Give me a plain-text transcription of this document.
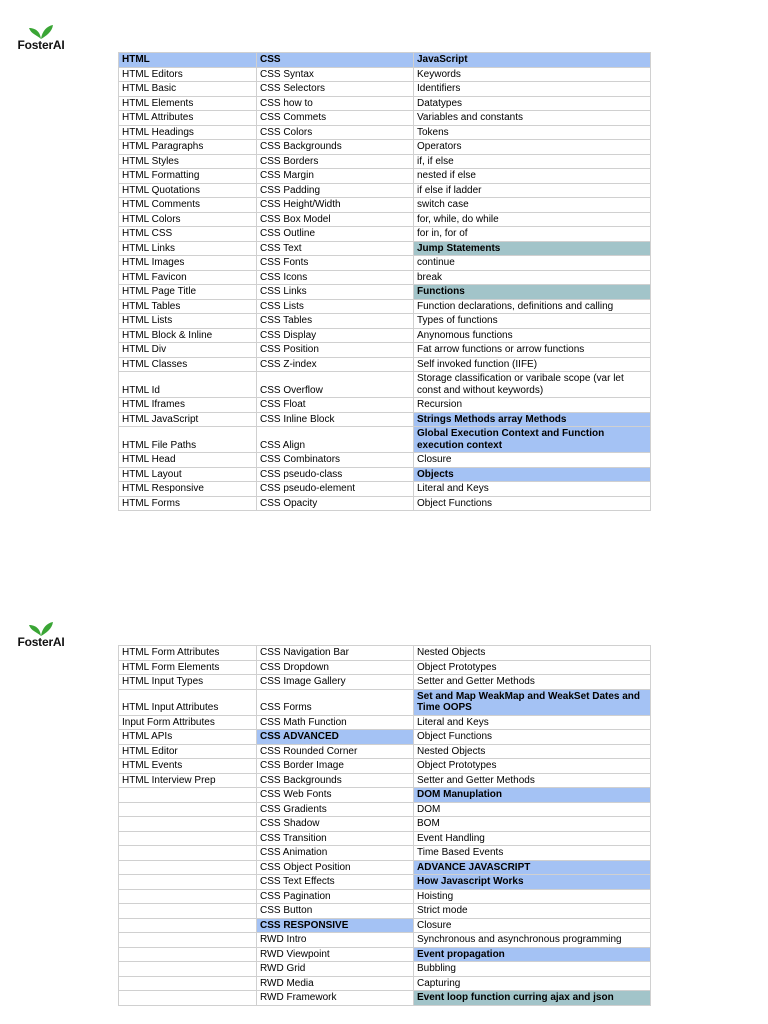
FosterAI
HTML	CSS	JavaScript
HTML Editors	CSS Syntax	Keywords
HTML Basic	CSS Selectors	Identifiers
HTML Elements	CSS how to	Datatypes
HTML Attributes	CSS Commets	Variables and constants
HTML Headings	CSS Colors	Tokens
HTML Paragraphs	CSS Backgrounds	Operators
HTML Styles	CSS Borders	if, if else
HTML Formatting	CSS Margin	nested if else
HTML Quotations	CSS Padding	if else if ladder
HTML Comments	CSS Height/Width	switch case
HTML Colors	CSS Box Model	for, while, do while
HTML CSS	CSS Outline	for in, for of
HTML Links	CSS Text	Jump Statements
HTML Images	CSS Fonts	continue
HTML Favicon	CSS Icons	break
HTML Page Title	CSS Links	Functions
HTML Tables	CSS Lists	Function declarations, definitions and calling
HTML Lists	CSS Tables	Types of functions
HTML Block & Inline	CSS Display	Anynomous functions
HTML Div	CSS Position	Fat arrow functions or arrow functions
HTML Classes	CSS Z-index	Self invoked function (IIFE)
HTML Id	CSS Overflow	Storage classification or varibale scope (var let const and without keywords)
HTML Iframes	CSS Float	Recursion
HTML JavaScript	CSS Inline Block	Strings Methods array Methods
HTML File Paths	CSS Align	Global Execution Context and Function execution context
HTML Head	CSS Combinators	Closure
HTML Layout	CSS pseudo-class	Objects
HTML Responsive	CSS pseudo-element	Literal and Keys
HTML Forms	CSS Opacity	Object Functions
FosterAI
HTML Form Attributes	CSS Navigation Bar	Nested Objects
HTML Form Elements	CSS Dropdown	Object Prototypes
HTML Input Types	CSS Image Gallery	Setter and Getter Methods
HTML Input Attributes	CSS Forms	Set and Map WeakMap and WeakSet Dates and Time OOPS
Input Form Attributes	CSS Math Function	Literal and Keys
HTML APIs	CSS ADVANCED	Object Functions
HTML Editor	CSS Rounded Corner	Nested Objects
HTML Events	CSS Border Image	Object Prototypes
HTML Interview Prep	CSS Backgrounds	Setter and Getter Methods
	CSS Web Fonts	DOM Manuplation
	CSS Gradients	DOM
	CSS Shadow	BOM
	CSS Transition	Event Handling
	CSS Animation	Time Based Events
	CSS Object Position	ADVANCE JAVASCRIPT
	CSS Text Effects	How Javascript Works
	CSS Pagination	Hoisting
	CSS Button	Strict mode
	CSS RESPONSIVE	Closure
	RWD Intro	Synchronous and asynchronous programming
	RWD Viewpoint	Event propagation
	RWD Grid	Bubbling
	RWD Media	Capturing
	RWD Framework	Event loop function curring ajax and json
